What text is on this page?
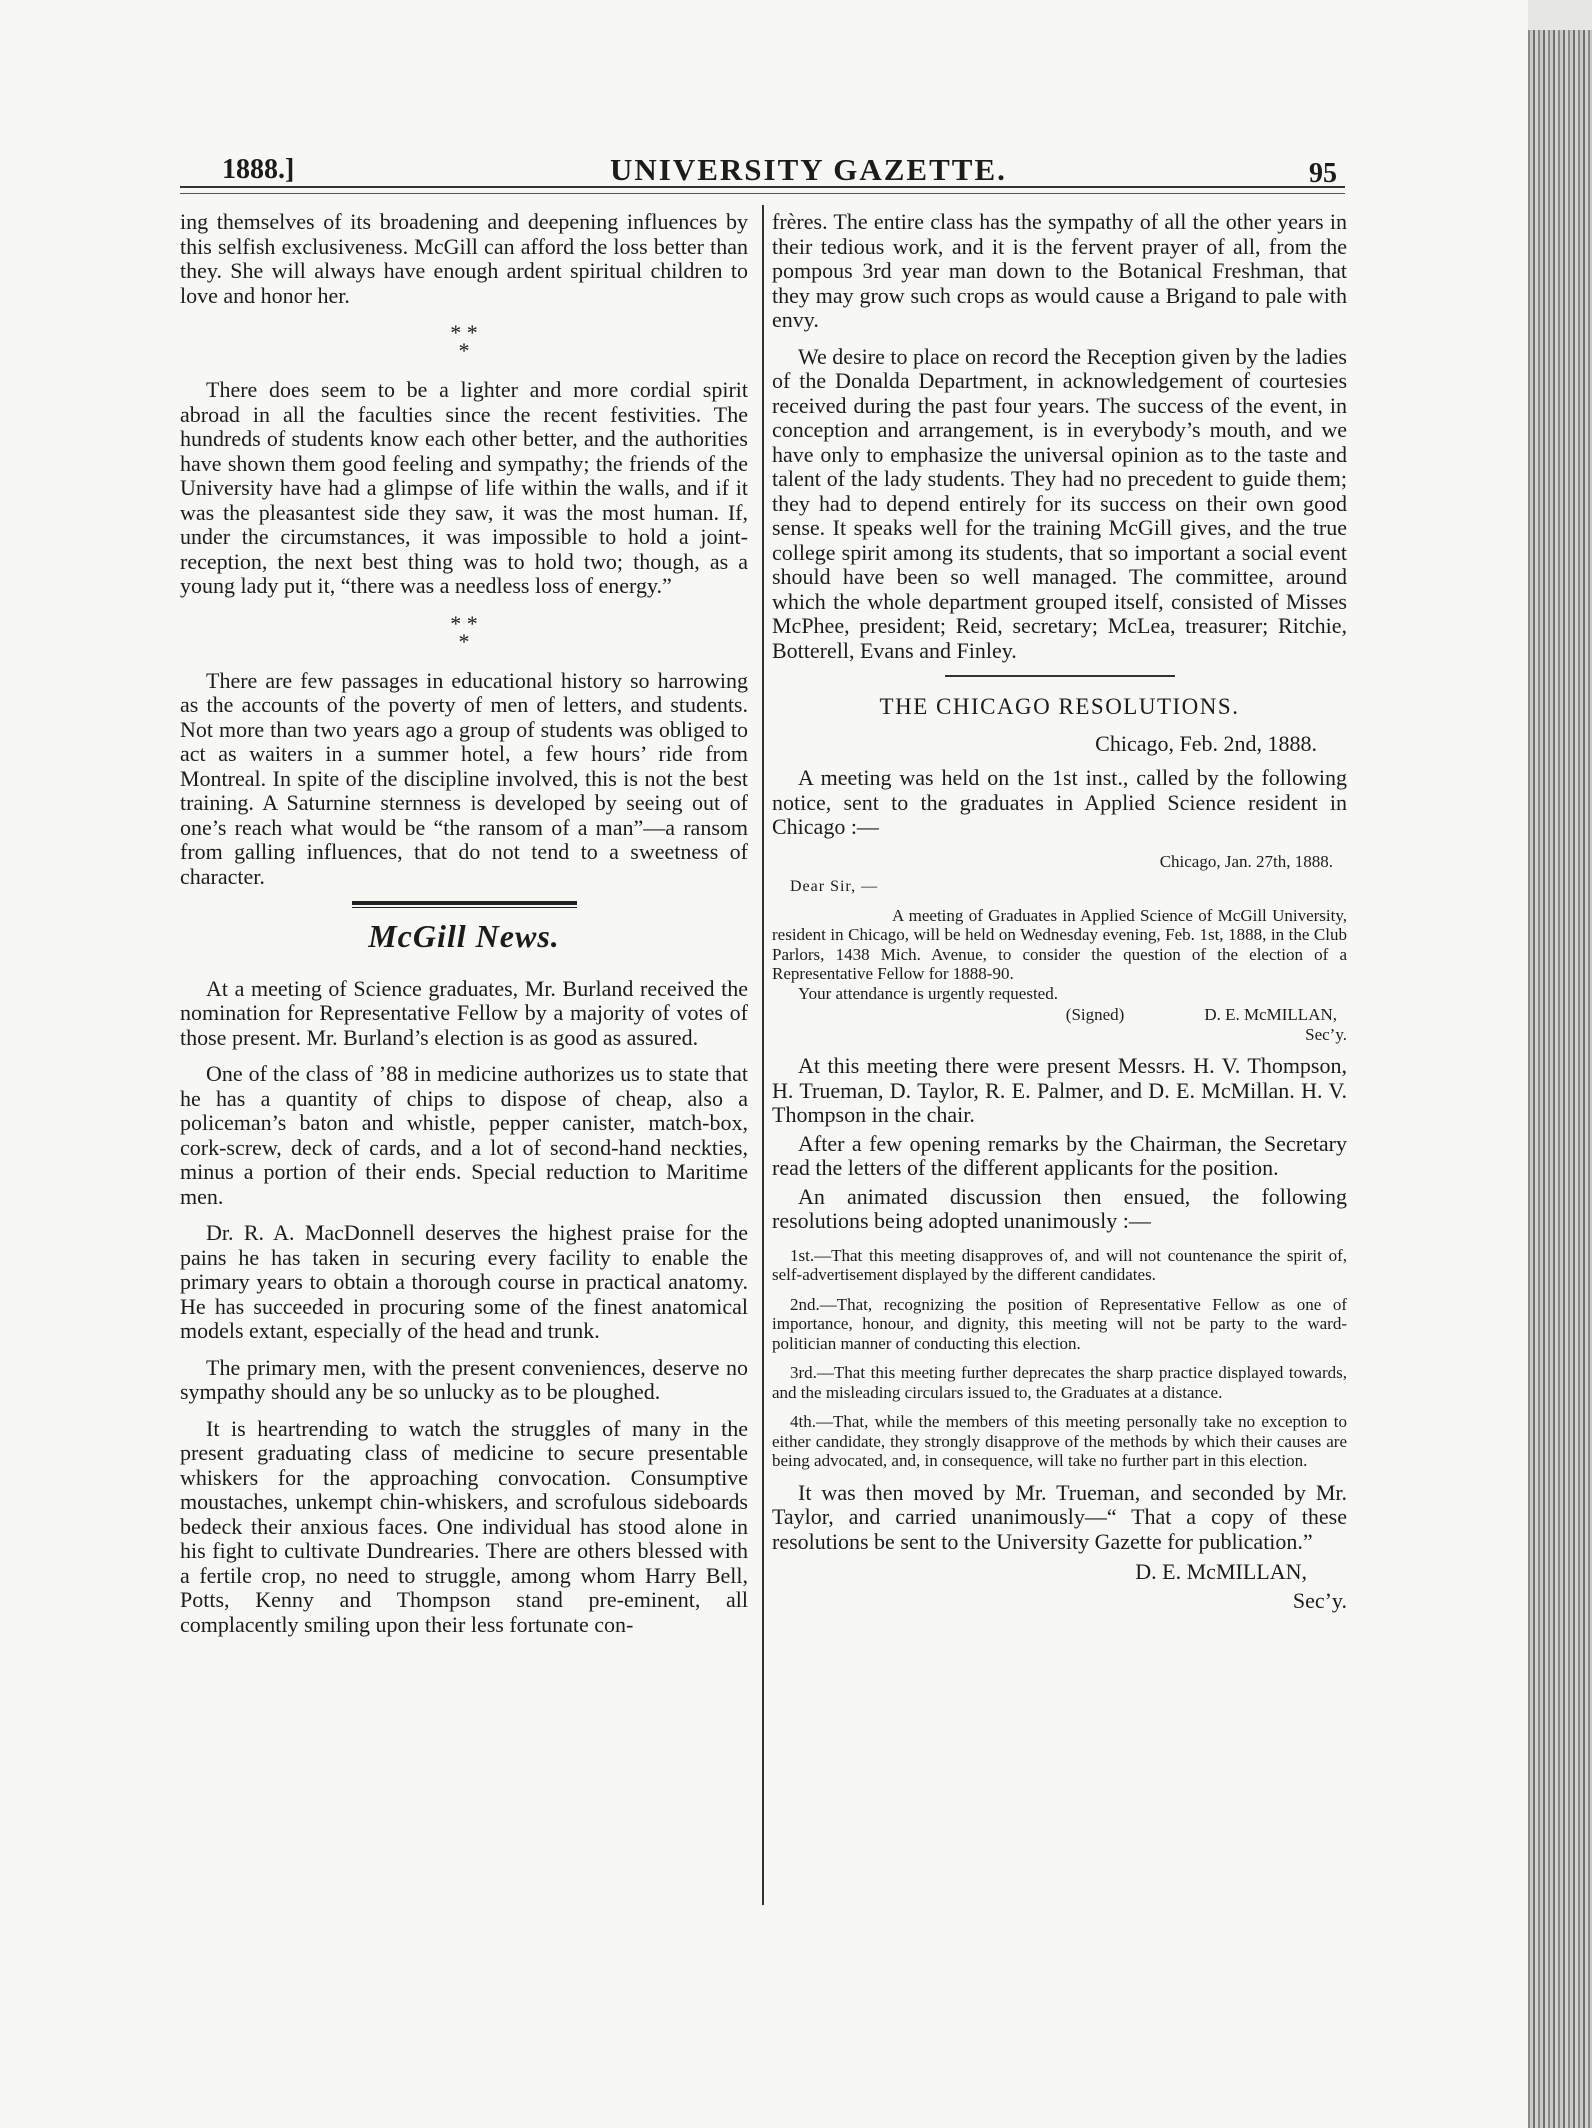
1888.]	UNIVERSITY GAZETTE.	95

ing themselves of its broadening and deepening influences by this selfish exclusiveness. McGill can afford the loss better than they. She will always have enough ardent spiritual children to love and honor her.

* *
*

There does seem to be a lighter and more cordial spirit abroad in all the faculties since the recent festivities. The hundreds of students know each other better, and the authorities have shown them good feeling and sympathy; the friends of the University have had a glimpse of life within the walls, and if it was the pleasantest side they saw, it was the most human. If, under the circumstances, it was impossible to hold a joint-reception, the next best thing was to hold two; though, as a young lady put it, “there was a needless loss of energy.”

* *
*

There are few passages in educational history so harrowing as the accounts of the poverty of men of letters, and students. Not more than two years ago a group of students was obliged to act as waiters in a summer hotel, a few hours’ ride from Montreal. In spite of the discipline involved, this is not the best training. A Saturnine sternness is developed by seeing out of one’s reach what would be “the ransom of a man”—a ransom from galling influences, that do not tend to a sweetness of character.

McGill News.

At a meeting of Science graduates, Mr. Burland received the nomination for Representative Fellow by a majority of votes of those present. Mr. Burland’s election is as good as assured.

One of the class of ’88 in medicine authorizes us to state that he has a quantity of chips to dispose of cheap, also a policeman’s baton and whistle, pepper canister, match-box, cork-screw, deck of cards, and a lot of second-hand neckties, minus a portion of their ends. Special reduction to Maritime men.

Dr. R. A. MacDonnell deserves the highest praise for the pains he has taken in securing every facility to enable the primary years to obtain a thorough course in practical anatomy. He has succeeded in procuring some of the finest anatomical models extant, especially of the head and trunk.

The primary men, with the present conveniences, deserve no sympathy should any be so unlucky as to be ploughed.

It is heartrending to watch the struggles of many in the present graduating class of medicine to secure presentable whiskers for the approaching convocation. Consumptive moustaches, unkempt chin-whiskers, and scrofulous sideboards bedeck their anxious faces. One individual has stood alone in his fight to cultivate Dundrearies. There are others blessed with a fertile crop, no need to struggle, among whom Harry Bell, Potts, Kenny and Thompson stand pre-eminent, all complacently smiling upon their less fortunate con-

frères. The entire class has the sympathy of all the other years in their tedious work, and it is the fervent prayer of all, from the pompous 3rd year man down to the Botanical Freshman, that they may grow such crops as would cause a Brigand to pale with envy.

We desire to place on record the Reception given by the ladies of the Donalda Department, in acknowledgement of courtesies received during the past four years. The success of the event, in conception and arrangement, is in everybody’s mouth, and we have only to emphasize the universal opinion as to the taste and talent of the lady students. They had no precedent to guide them; they had to depend entirely for its success on their own good sense. It speaks well for the training McGill gives, and the true college spirit among its students, that so important a social event should have been so well managed. The committee, around which the whole department grouped itself, consisted of Misses McPhee, president; Reid, secretary; McLea, treasurer; Ritchie, Botterell, Evans and Finley.

THE CHICAGO RESOLUTIONS.
Chicago, Feb. 2nd, 1888.

A meeting was held on the 1st inst., called by the following notice, sent to the graduates in Applied Science resident in Chicago :—

Chicago, Jan. 27th, 1888.
Dear Sir, —

A meeting of Graduates in Applied Science of McGill University, resident in Chicago, will be held on Wednesday evening, Feb. 1st, 1888, in the Club Parlors, 1438 Mich. Avenue, to consider the question of the election of a Representative Fellow for 1888-90.

Your attendance is urgently requested.

(Signed)	D. E. McMILLAN,
Sec’y.

At this meeting there were present Messrs. H. V. Thompson, H. Trueman, D. Taylor, R. E. Palmer, and D. E. McMillan. H. V. Thompson in the chair.

After a few opening remarks by the Chairman, the Secretary read the letters of the different applicants for the position.

An animated discussion then ensued, the following resolutions being adopted unanimously :—

1st.—That this meeting disapproves of, and will not countenance the spirit of, self-advertisement displayed by the different candidates.

2nd.—That, recognizing the position of Representative Fellow as one of importance, honour, and dignity, this meeting will not be party to the ward-politician manner of conducting this election.

3rd.—That this meeting further deprecates the sharp practice displayed towards, and the misleading circulars issued to, the Graduates at a distance.

4th.—That, while the members of this meeting personally take no exception to either candidate, they strongly disapprove of the methods by which their causes are being advocated, and, in consequence, will take no further part in this election.

It was then moved by Mr. Trueman, and seconded by Mr. Taylor, and carried unanimously—“ That a copy of these resolutions be sent to the University Gazette for publication.”

D. E. McMILLAN,
Sec’y.
